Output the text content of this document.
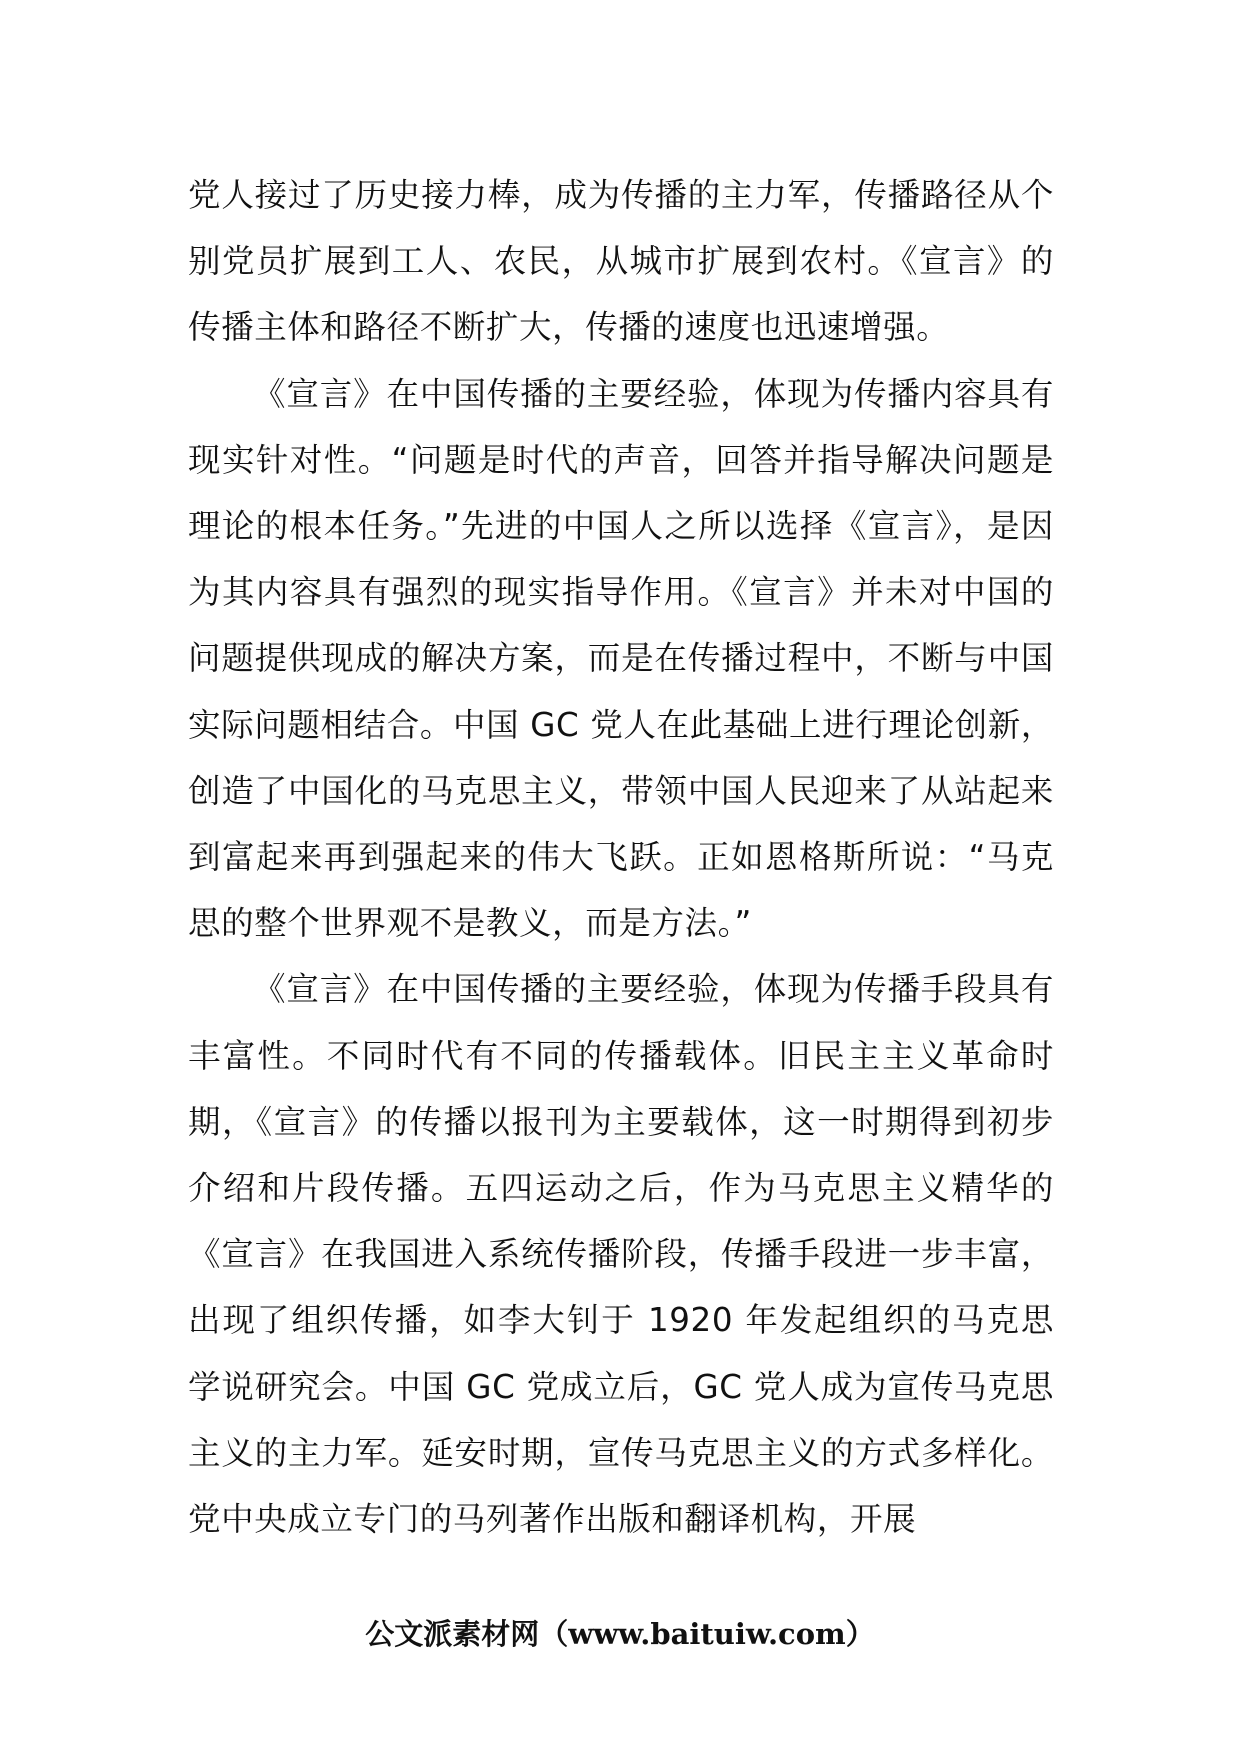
党人接过了历史接力棒，成为传播的主力军，传播路径从个别党员扩展到工人、农民，从城市扩展到农村。《宣言》的传播主体和路径不断扩大，传播的速度也迅速增强。

《宣言》在中国传播的主要经验，体现为传播内容具有现实针对性。“问题是时代的声音，回答并指导解决问题是理论的根本任务。”先进的中国人之所以选择《宣言》，是因为其内容具有强烈的现实指导作用。《宣言》并未对中国的问题提供现成的解决方案，而是在传播过程中，不断与中国实际问题相结合。中国 GC 党人在此基础上进行理论创新，创造了中国化的马克思主义，带领中国人民迎来了从站起来到富起来再到强起来的伟大飞跃。正如恩格斯所说：“马克思的整个世界观不是教义，而是方法。”

《宣言》在中国传播的主要经验，体现为传播手段具有丰富性。不同时代有不同的传播载体。旧民主主义革命时期，《宣言》的传播以报刊为主要载体，这一时期得到初步介绍和片段传播。五四运动之后，作为马克思主义精华的《宣言》在我国进入系统传播阶段，传播手段进一步丰富，出现了组织传播，如李大钊于 1920 年发起组织的马克思学说研究会。中国 GC 党成立后，GC 党人成为宣传马克思主义的主力军。延安时期，宣传马克思主义的方式多样化。党中央成立专门的马列著作出版和翻译机构，开展

公文派素材网（www.baituiw.com）
